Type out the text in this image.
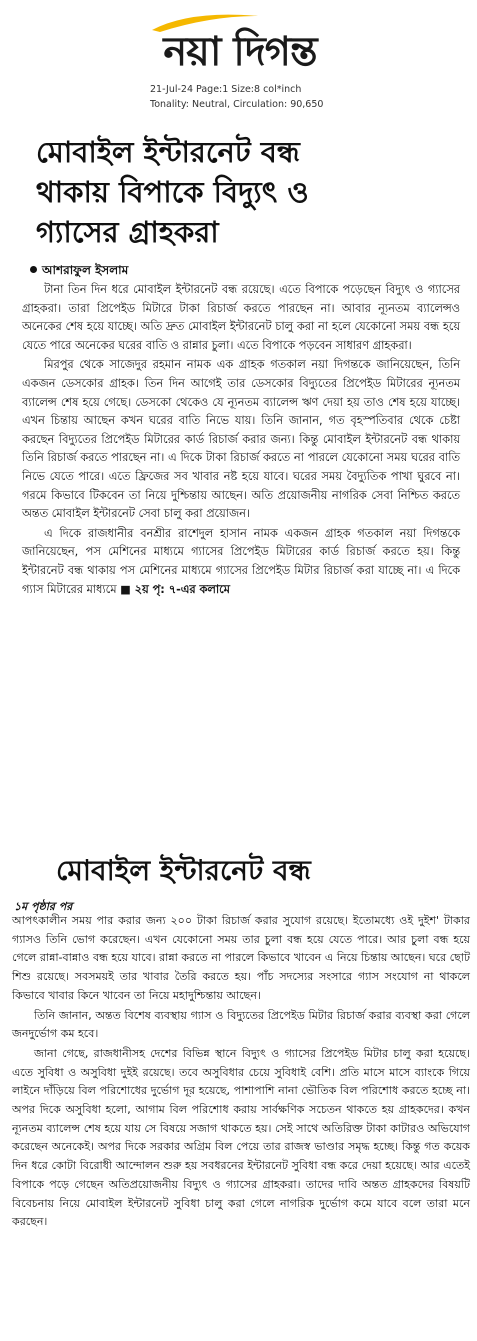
নয়া দিগন্ত
21-Jul-24 Page:1 Size:8 col*inch
Tonality: Neutral, Circulation: 90,650
মোবাইল ইন্টারনেট বন্ধ
থাকায় বিপাকে বিদ্যুৎ ও
গ্যাসের গ্রাহকরা
আশরাফুল ইসলাম

টানা তিন দিন ধরে মোবাইল ইন্টারনেট বন্ধ রয়েছে। এতে বিপাকে পড়েছেন বিদ্যুৎ ও গ্যাসের গ্রাহকরা। তারা প্রিপেইড মিটারে টাকা রিচার্জ করতে পারছেন না। আবার ন্যূনতম ব্যালেন্সও অনেকের শেষ হয়ে যাচ্ছে। অতি দ্রুত মোবাইল ইন্টারনেট চালু করা না হলে যেকোনো সময় বন্ধ হয়ে যেতে পারে অনেকের ঘরের বাতি ও রান্নার চুলা। এতে বিপাকে পড়বেন সাধারণ গ্রাহকরা।

মিরপুর থেকে সাজেদুর রহমান নামক এক গ্রাহক গতকাল নয়া দিগন্তকে জানিয়েছেন, তিনি একজন ডেসকোর গ্রাহক। তিন দিন আগেই তার ডেসকোর বিদ্যুতের প্রিপেইড মিটারের ন্যূনতম ব্যালেন্স শেষ হয়ে গেছে। ডেসকো থেকেও যে ন্যূনতম ব্যালেন্স ঋণ দেয়া হয় তাও শেষ হয়ে যাচ্ছে। এখন চিন্তায় আছেন কখন ঘরের বাতি নিভে যায়। তিনি জানান, গত বৃহস্পতিবার থেকে চেষ্টা করছেন বিদ্যুতের প্রিপেইড মিটারের কার্ড রিচার্জ করার জন্য। কিন্তু মোবাইল ইন্টারনেট বন্ধ থাকায় তিনি রিচার্জ করতে পারছেন না। এ দিকে টাকা রিচার্জ করতে না পারলে যেকোনো সময় ঘরের বাতি নিভে যেতে পারে। এতে ফ্রিজের সব খাবার নষ্ট হয়ে যাবে। ঘরের সময় বৈদ্যুতিক পাখা ঘুরবে না। গরমে কিভাবে টিকবেন তা নিয়ে দুশ্চিন্তায় আছেন। অতি প্রয়োজনীয় নাগরিক সেবা নিশ্চিত করতে অন্তত মোবাইল ইন্টারনেট সেবা চালু করা প্রয়োজন।

এ দিকে রাজধানীর বনশ্রীর রাশেদুল হাসান নামক একজন গ্রাহক গতকাল নয়া দিগন্তকে জানিয়েছেন, পস মেশিনের মাধ্যমে গ্যাসের প্রিপেইড মিটারের কার্ড রিচার্জ করতে হয়। কিন্তু ইন্টারনেট বন্ধ থাকায় পস মেশিনের মাধ্যমে গ্যাসের প্রিপেইড মিটার রিচার্জ করা যাচ্ছে না। এ দিকে গ্যাস মিটারের মাধ্যমে ■ ২য় পৃ: ৭-এর কলামে

মোবাইল ইন্টারনেট বন্ধ
১ম পৃষ্ঠার পর

আপৎকালীন সময় পার করার জন্য ২০০ টাকা রিচার্জ করার সুযোগ রয়েছে। ইতোমধ্যে ওই দুইশ' টাকার গ্যাসও তিনি ভোগ করেছেন। এখন যেকোনো সময় তার চুলা বন্ধ হয়ে যেতে পারে। আর চুলা বন্ধ হয়ে গেলে রান্না-বান্নাও বন্ধ হয়ে যাবে। রান্না করতে না পারলে কিভাবে খাবেন এ নিয়ে চিন্তায় আছেন। ঘরে ছোট শিশু রয়েছে। সবসময়ই তার খাবার তৈরি করতে হয়। পাঁচ সদস্যের সংসারে গ্যাস সংযোগ না থাকলে কিভাবে খাবার কিনে খাবেন তা নিয়ে মহাদুশ্চিন্তায় আছেন।

তিনি জানান, অন্তত বিশেষ ব্যবস্থায় গ্যাস ও বিদ্যুতের প্রিপেইড মিটার রিচার্জ করার ব্যবস্থা করা গেলে জনদুর্ভোগ কম হবে।

জানা গেছে, রাজধানীসহ দেশের বিভিন্ন স্থানে বিদ্যুৎ ও গ্যাসের প্রিপেইড মিটার চালু করা হয়েছে। এতে সুবিধা ও অসুবিধা দুইই রয়েছে। তবে অসুবিধার চেয়ে সুবিধাই বেশি। প্রতি মাসে মাসে ব্যাংকে গিয়ে লাইনে দাঁড়িয়ে বিল পরিশোধের দুর্ভোগ দূর হয়েছে, পাশাপাশি নানা ভৌতিক বিল পরিশোধ করতে হচ্ছে না। অপর দিকে অসুবিধা হলো, আগাম বিল পরিশোধ করায় সার্বক্ষণিক সচেতন থাকতে হয় গ্রাহকদের। কখন ন্যূনতম ব্যালেন্স শেষ হয়ে যায় সে বিষয়ে সজাগ থাকতে হয়। সেই সাথে অতিরিক্ত টাকা কাটারও অভিযোগ করেছেন অনেকেই। অপর দিকে সরকার অগ্রিম বিল পেয়ে তার রাজস্ব ভাণ্ডার সমৃদ্ধ হচ্ছে। কিন্তু গত কয়েক দিন ধরে কোটা বিরোধী আন্দোলন শুরু হয় সবধরনের ইন্টারনেট সুবিধা বন্ধ করে দেয়া হয়েছে। আর এতেই বিপাকে পড়ে গেছেন অতিপ্রয়োজনীয় বিদ্যুৎ ও গ্যাসের গ্রাহকরা। তাদের দাবি অন্তত গ্রাহকদের বিষয়টি বিবেচনায় নিয়ে মোবাইল ইন্টারনেট সুবিধা চালু করা গেলে নাগরিক দুর্ভোগ কমে যাবে বলে তারা মনে করছেন।
